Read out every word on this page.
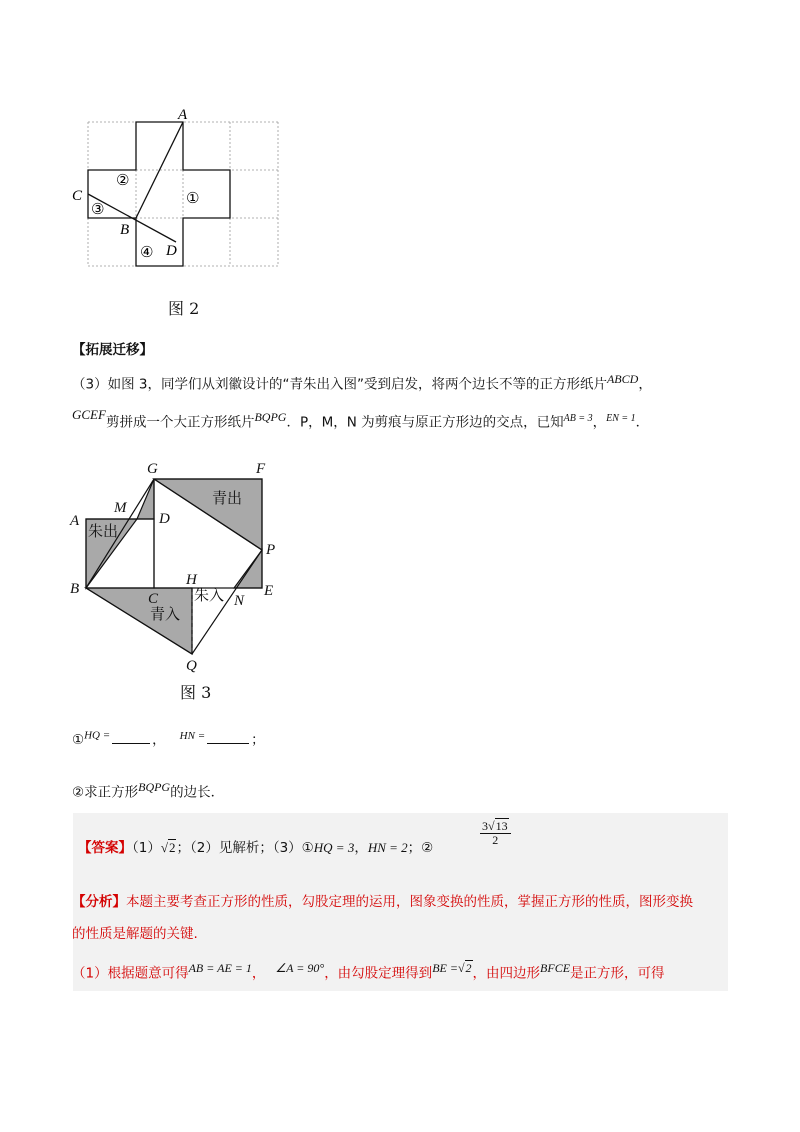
A
C
B
D
①
②
③
④
图 2
【拓展迁移】
（3）如图 3，同学们从刘徽设计的“青朱出入图”受到启发，将两个边长不等的正方形纸片$^{ABCD}$，
GCEF剪拼成一个大正方形纸片$^{BQPG}$．P，M，N 为剪痕与原正方形边的交点，已知$^{AB = 3}$，$^{EN = 1}$．
G	F
M
A	D
P
B
C
H
N
E
Q
青出
朱出
青入
朱入
图 3
①$^{HQ =}$	， $^{HN =}$	；
②求正方形$^{BQPG}$的边长．
【答案】（1）√2；（2）见解析；（3）①HQ = 3，HN = 2；②
$\frac{3√13}{2}$
【分析】本题主要考查正方形的性质，勾股定理的运用，图象变换的性质，掌握正方形的性质，图形变换
的性质是解题的关键.
（1）根据题意可得$^{AB = AE = 1}$， $^{\angle A = 90^\circ}$，由勾股定理得到$^{BE =√2}$，由四边形$^{BFCE}$是正方形，可得
